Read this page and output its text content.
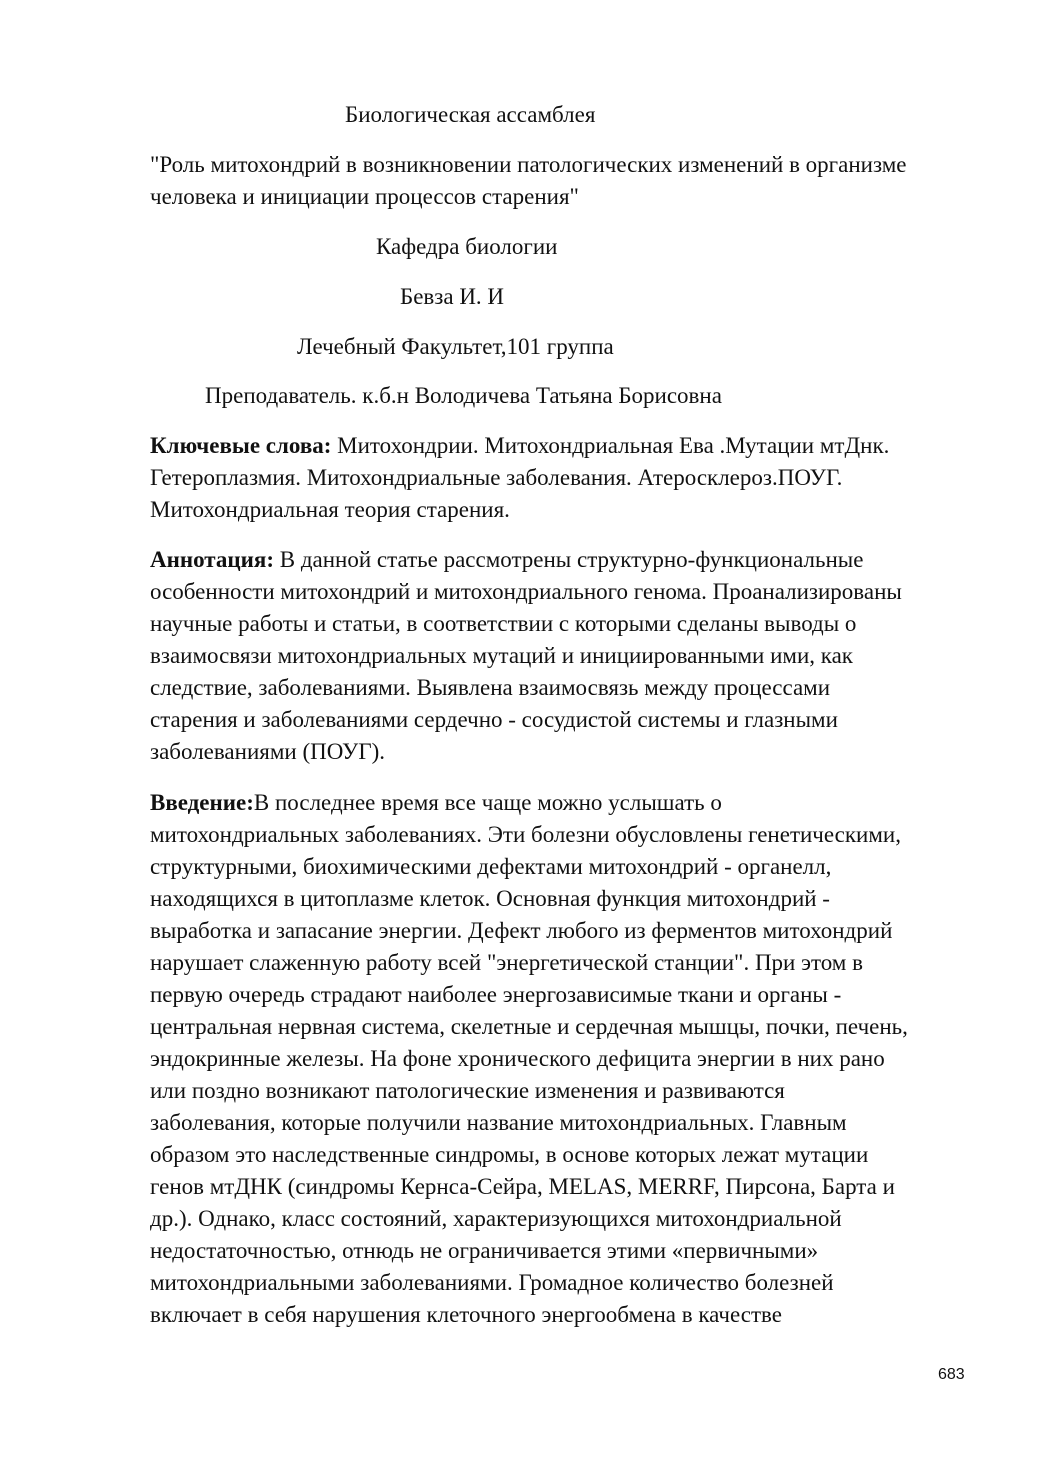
Биологическая ассамблея

"Роль митохондрий в возникновении патологических изменений в организме

человека и инициации процессов старения"

Кафедра биологии

Бевза И. И

Лечебный Факультет,101 группа

Преподаватель. к.б.н Володичева Татьяна Борисовна

Ключевые слова: Митохондрии. Митохондриальная Ева .Мутации мтДнк.

Гетероплазмия. Митохондриальные заболевания. Атеросклероз.ПОУГ.

Митохондриальная теория старения.

Аннотация: В данной статье рассмотрены структурно-функциональные

особенности митохондрий и митохондриального генома. Проанализированы

научные работы и статьи, в соответствии с которыми сделаны выводы о

взаимосвязи митохондриальных мутаций и инициированными ими, как

следствие, заболеваниями. Выявлена взаимосвязь между процессами

старения и заболеваниями сердечно - сосудистой системы и глазными

заболеваниями (ПОУГ).

Введение:В последнее время все чаще можно услышать о

митохондриальных заболеваниях. Эти болезни обусловлены генетическими,

структурными, биохимическими дефектами митохондрий - органелл,

находящихся в цитоплазме клеток. Основная функция митохондрий -

выработка и запасание энергии. Дефект любого из ферментов митохондрий

нарушает слаженную работу всей "энергетической станции". При этом в

первую очередь страдают наиболее энергозависимые ткани и органы -

центральная нервная система, скелетные и сердечная мышцы, почки, печень,

эндокринные железы. На фоне хронического дефицита энергии в них рано

или поздно возникают патологические изменения и развиваются

заболевания, которые получили название митохондриальных. Главным

образом это наследственные синдромы, в основе которых лежат мутации

генов мтДНК (синдромы Кернса-Сейра, MELAS, MERRF, Пирсона, Барта и

др.). Однако, класс состояний, характеризующихся митохондриальной

недостаточностью, отнюдь не ограничивается этими «первичными»

митохондриальными заболеваниями. Громадное количество болезней

включает в себя нарушения клеточного энергообмена в качестве

683
